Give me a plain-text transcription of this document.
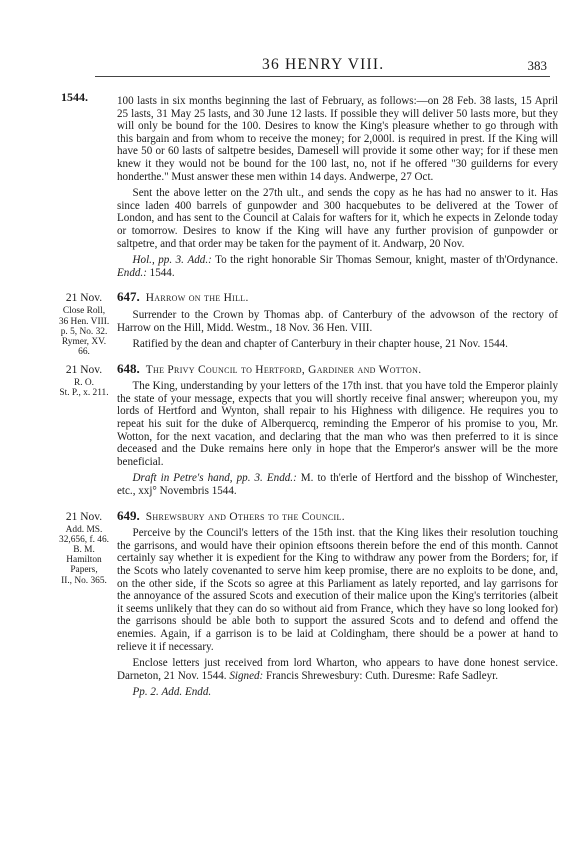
36 HENRY VIII.	383
1544.	100 lasts in six months beginning the last of February, as follows:—on 28 Feb. 38 lasts, 15 April 25 lasts, 31 May 25 lasts, and 30 June 12 lasts. If possible they will deliver 50 lasts more, but they will only be bound for the 100. Desires to know the King's pleasure whether to go through with this bargain and from whom to receive the money; for 2,000l. is required in prest. If the King will have 50 or 60 lasts of saltpetre besides, Damesell will provide it some other way; for if these men knew it they would not be bound for the 100 last, no, not if he offered "30 guilderns for every honderthe." Must answer these men within 14 days. Andwerpe, 27 Oct.

Sent the above letter on the 27th ult., and sends the copy as he has had no answer to it. Has since laden 400 barrels of gunpowder and 300 hacquebutes to be delivered at the Tower of London, and has sent to the Council at Calais for wafters for it, which he expects in Zelonde today or tomorrow. Desires to know if the King will have any further provision of gunpowder or saltpetre, and that order may be taken for the payment of it. Andwarp, 20 Nov.

Hol., pp. 3. Add.: To the right honorable Sir Thomas Semour, knight, master of th'Ordynance. Endd.: 1544.

21 Nov.
Close Roll,
36 Hen. VIII.
p. 5, No. 32.
Rymer, XV.
66.

647. Harrow on the Hill.

Surrender to the Crown by Thomas abp. of Canterbury of the advowson of the rectory of Harrow on the Hill, Midd. Westm., 18 Nov. 36 Hen. VIII.

Ratified by the dean and chapter of Canterbury in their chapter house, 21 Nov. 1544.

21 Nov.
R. O.
St. P., x. 211.

648. The Privy Council to Hertford, Gardiner and Wotton.

The King, understanding by your letters of the 17th inst. that you have told the Emperor plainly the state of your message, expects that you will shortly receive final answer; whereupon you, my lords of Hertford and Wynton, shall repair to his Highness with diligence. He requires you to repeat his suit for the duke of Alberquercq, reminding the Emperor of his promise to you, Mr. Wotton, for the next vacation, and declaring that the man who was then preferred to it is since deceased and the Duke remains here only in hope that the Emperor's answer will be the more beneficial.

Draft in Petre's hand, pp. 3. Endd.: M. to th'erle of Hertford and the bisshop of Winchester, etc., xxj° Novembris 1544.

21 Nov.
Add. MS.
32,656, f. 46.
B. M.
Hamilton
Papers,
II., No. 365.

649. Shrewsbury and Others to the Council.

Perceive by the Council's letters of the 15th inst. that the King likes their resolution touching the garrisons, and would have their opinion eftsoons therein before the end of this month. Cannot certainly say whether it is expedient for the King to withdraw any power from the Borders; for, if the Scots who lately covenanted to serve him keep promise, there are no exploits to be done, and, on the other side, if the Scots so agree at this Parliament as lately reported, and lay garrisons for the annoyance of the assured Scots and execution of their malice upon the King's territories (albeit it seems unlikely that they can do so without aid from France, which they have so long looked for) the garrisons should be able both to support the assured Scots and to defend and offend the enemies. Again, if a garrison is to be laid at Coldingham, there should be a power at hand to relieve it if necessary.

Enclose letters just received from lord Wharton, who appears to have done honest service. Darneton, 21 Nov. 1544. Signed: Francis Shrewesbury: Cuth. Duresme: Rafe Sadleyr.

Pp. 2. Add. Endd.
